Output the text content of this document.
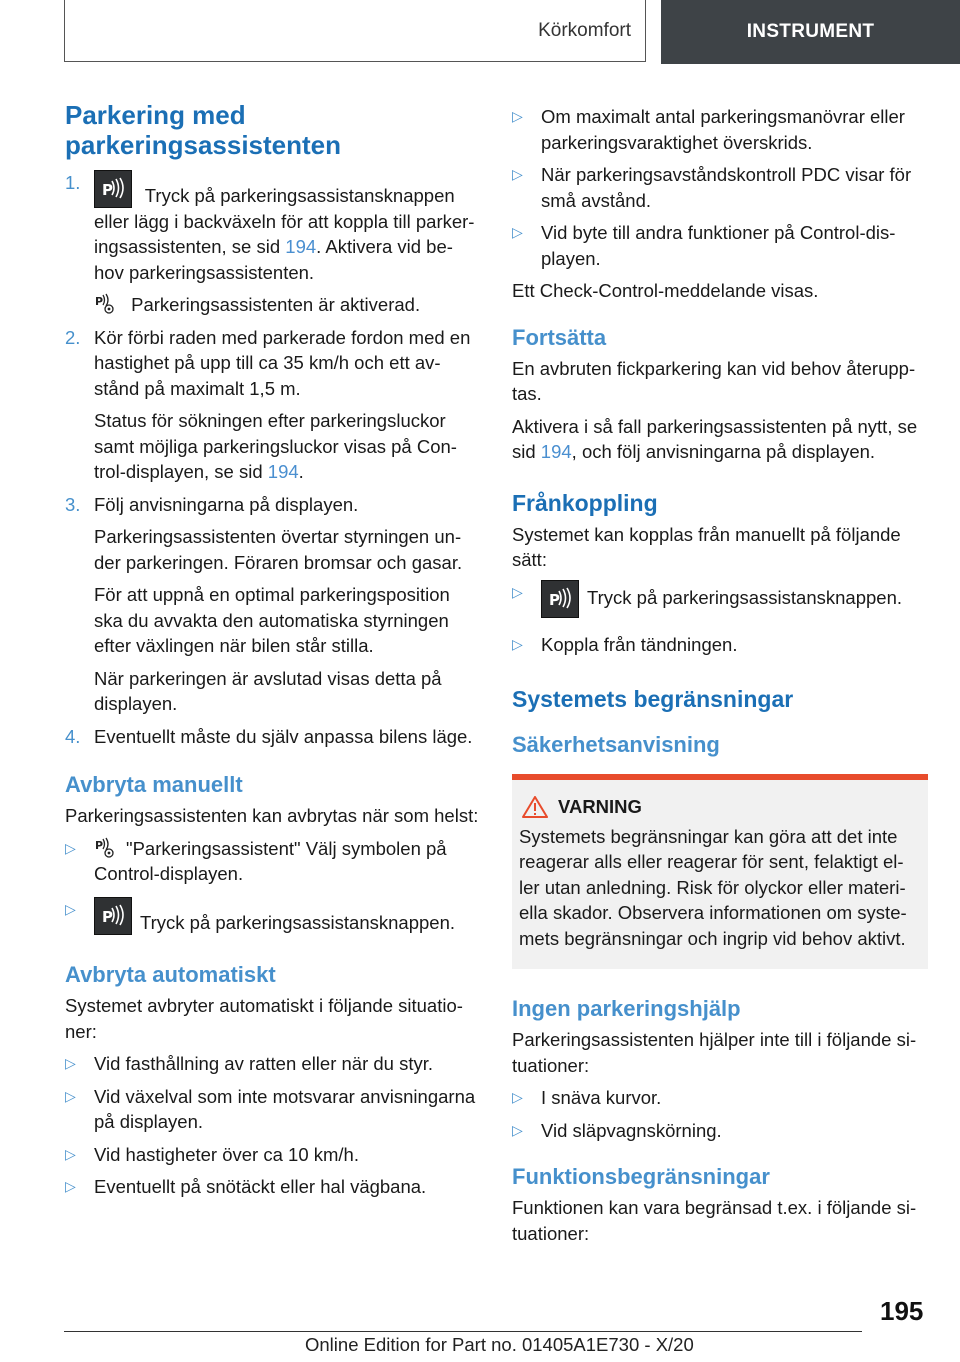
Körkomfort	INSTRUMENT
Parkering med parkeringsassistenten
1.	P Tryck på parkeringsassistansknappen eller lägg i backväxeln för att koppla till parker-ingsassistenten, se sid 194. Aktivera vid be-hov parkeringsassistenten.

P Parkeringsassistenten är aktiverad.

2. Kör förbi raden med parkerade fordon med en hastighet på upp till ca 35 km/h och ett av-stånd på maximalt 1,5 m.

Status för sökningen efter parkeringsluckor samt möjliga parkeringsluckor visas på Con-trol-displayen, se sid 194.

3. Följ anvisningarna på displayen.

Parkeringsassistenten övertar styrningen un-der parkeringen. Föraren bromsar och gasar.

För att uppnå en optimal parkeringsposition ska du avvakta den automatiska styrningen efter växlingen när bilen står stilla.

När parkeringen är avslutad visas detta på displayen.

4. Eventuellt måste du själv anpassa bilens läge.

Avbryta manuellt

Parkeringsassistenten kan avbrytas när som helst:

▷	P "Parkeringsassistent" Välj symbolen på Control-displayen.
▷	P Tryck på parkeringsassistansknappen.
Avbryta automatiskt

Systemet avbryter automatiskt i följande situatio-ner:

▷ Vid fasthållning av ratten eller när du styr.
▷ Vid växelval som inte motsvarar anvisningarna på displayen.
▷ Vid hastigheter över ca 10 km/h.
▷ Eventuellt på snötäckt eller hal vägbana.
▷ Om maximalt antal parkeringsmanövrar eller parkeringsvaraktighet överskrids.
▷ När parkeringsavståndskontroll PDC visar för små avstånd.
▷ Vid byte till andra funktioner på Control-dis-playen.

Ett Check-Control-meddelande visas.

Fortsätta

En avbruten fickparkering kan vid behov återupp-tas.

Aktivera i så fall parkeringsassistenten på nytt, se sid 194, och följ anvisningarna på displayen.

Frånkoppling

Systemet kan kopplas från manuellt på följande sätt:

▷	P Tryck på parkeringsassistansknappen.
▷ Koppla från tändningen.
Systemets begränsningar
Säkerhetsanvisning
VARNING
Systemets begränsningar kan göra att det inte reagerar alls eller reagerar för sent, felaktigt el-ler utan anledning. Risk för olyckor eller materi-ella skador. Observera informationen om syste-mets begränsningar och ingrip vid behov aktivt.
Ingen parkeringshjälp

Parkeringsassistenten hjälper inte till i följande si-tuationer:

▷ I snäva kurvor.
▷ Vid släpvagnskörning.
Funktionsbegränsningar

Funktionen kan vara begränsad t.ex. i följande si-tuationer:

195
Online Edition for Part no. 01405A1E730 - X/20
